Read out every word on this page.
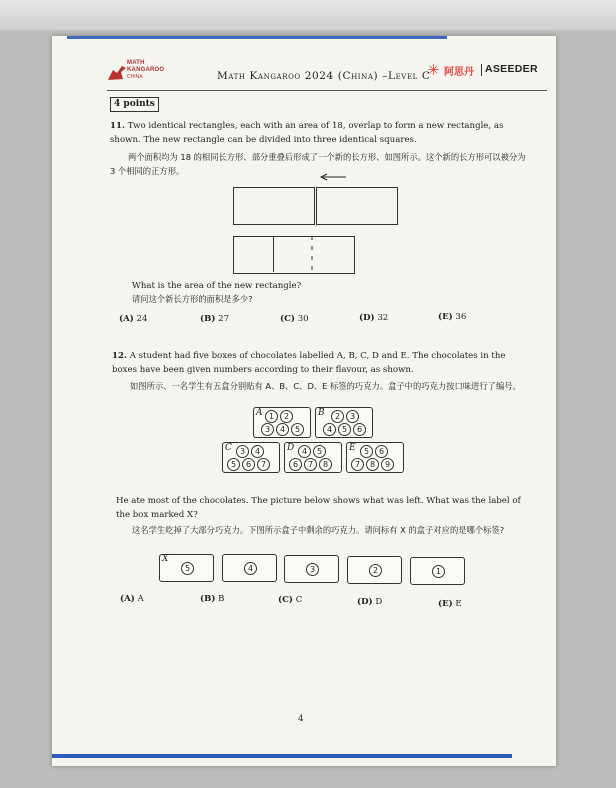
MATH
KANGAROO
CHINA	Math Kangaroo 2024 (China) –Level C
✳ 阿思丹 ASEEDER
4 points
11. Two identical rectangles, each with an area of 18, overlap to form a new rectangle, as shown. The new rectangle can be divided into three identical squares.
两个面积均为 18 的相同长方形、部分重叠后形成了一个新的长方形、如图所示。这个新的长方形可以被分为 3 个相同的正方形。
What is the area of the new rectangle?
请问这个新长方形的面积是多少?
(A) 24	(B) 27	(C) 30	(D) 32	(E) 36
12. A student had five boxes of chocolates labelled A, B, C, D and E. The chocolates in the boxes have been given numbers according to their flavour, as shown.
如图所示、一名学生有五盒分别贴有 A、B、C、D、E 标签的巧克力。盒子中的巧克力按口味进行了编号。
A 1	2
3	4	5
B	2	3
4	5	6
C	3	4
5	6	7
D 4	5
6	7	8
E	5	6
7	8	9
He ate most of the chocolates. The picture below shows what was left. What was the label of the box marked X?
这名学生吃掉了大部分巧克力。下图所示盒子中剩余的巧克力。请问标有 X 的盒子对应的是哪个标签?
X
5	4	3	2	1
(A) A	(B) B	(C) C	(D) D	(E) E
4
